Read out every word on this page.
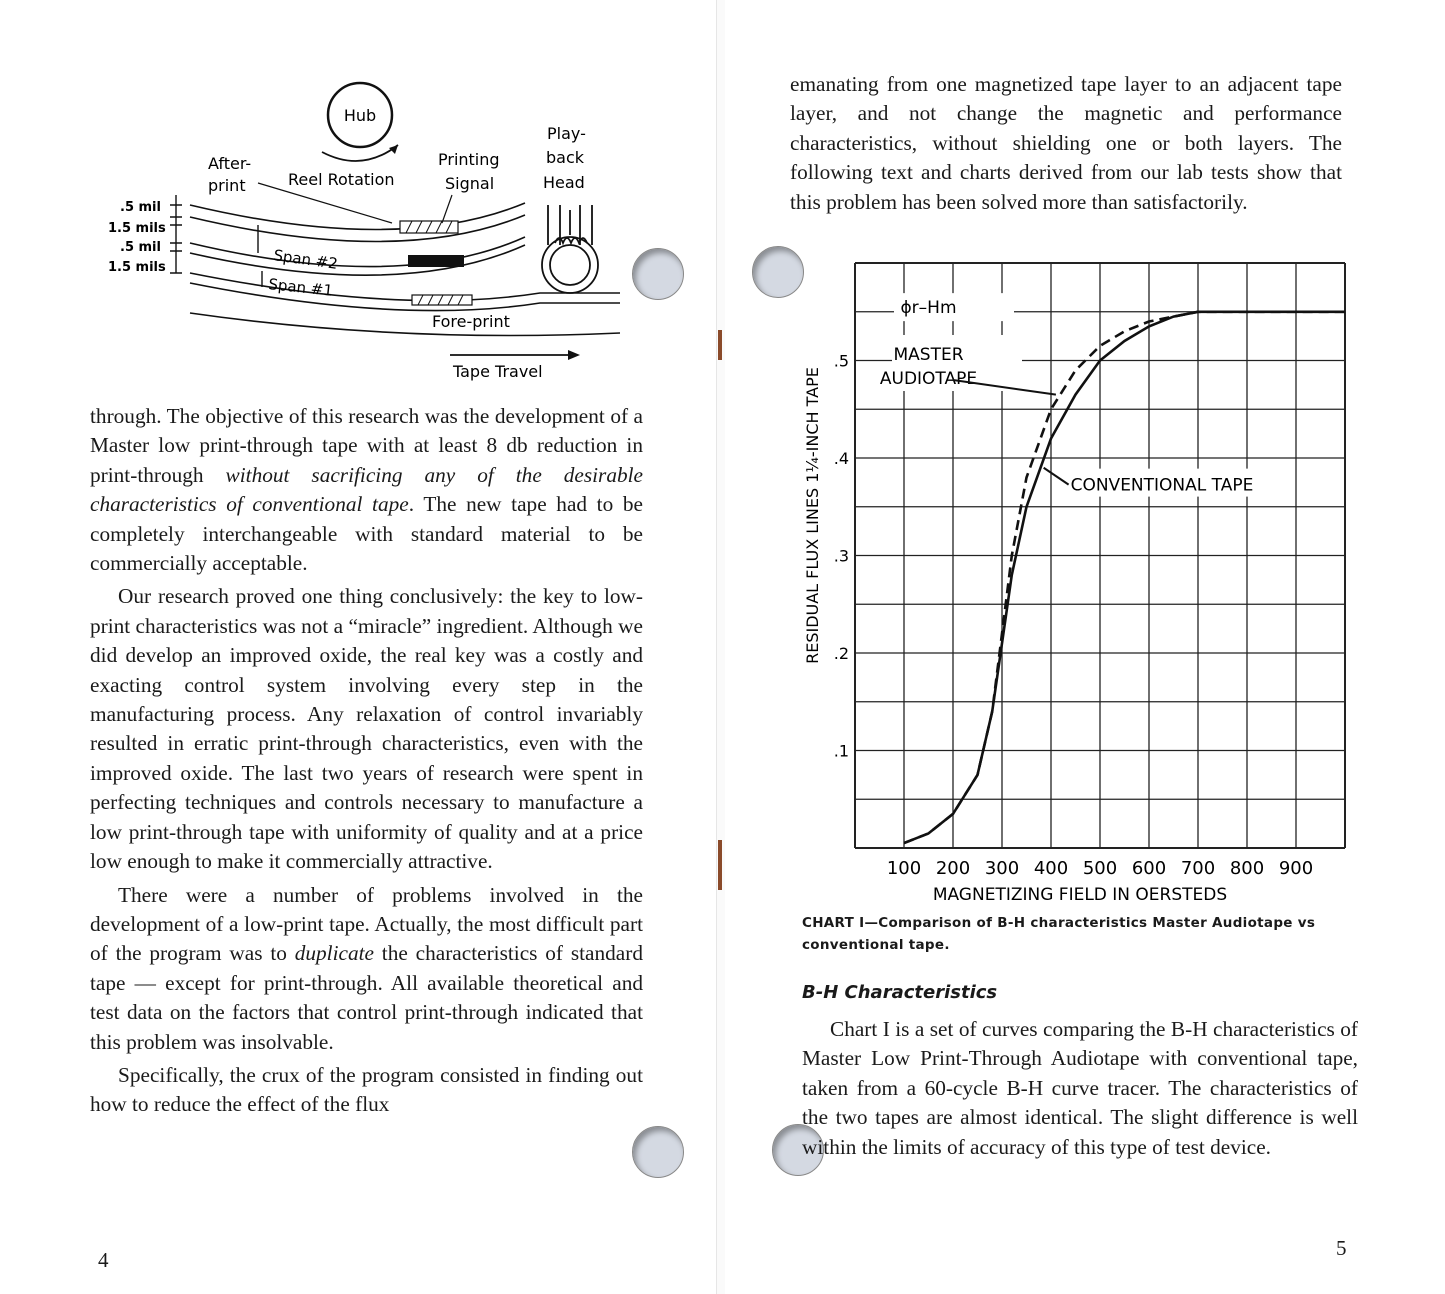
Hub
Reel Rotation
After-
print
Printing
Signal
Play-
back
Head
.5 mil
1.5 mils
.5 mil
1.5 mils	Span #2
Span #1
Fore-print
Tape Travel

through. The objective of this research was the development of a Master low print-through tape with at least 8 db reduction in print-through without sacrificing any of the desirable characteristics of conventional tape. The new tape had to be completely interchangeable with standard material to be commercially acceptable.

Our research proved one thing conclusively: the key to low-print characteristics was not a “miracle” ingredient. Although we did develop an improved oxide, the real key was a costly and exacting control system involving every step in the manufacturing process. Any relaxation of control invariably resulted in erratic print-through characteristics, even with the improved oxide. The last two years of research were spent in perfecting techniques and controls necessary to manufacture a low print-through tape with uniformity of quality and at a price low enough to make it commercially attractive.

There were a number of problems involved in the development of a low-print tape. Actually, the most difficult part of the program was to duplicate the characteristics of standard tape — except for print-through. All available theoretical and test data on the factors that control print-through indicated that this problem was insolvable.

Specifically, the crux of the program consisted in finding out how to reduce the effect of the flux

4

emanating from one magnetized tape layer to an adjacent tape layer, and not change the magnetic and performance characteristics, without shielding one or both layers. The following text and charts derived from our lab tests show that this problem has been solved more than satisfactorily.

100 200 300 400 500 600 700 800 900
.1
.2
.3
.4
.5
MAGNETIZING FIELD IN OERSTEDS
RESIDUAL FLUX LINES 1¼-INCH TAPE
ϕr–Hm
MASTER
AUDIOTAPE
CONVENTIONAL TAPE
CHART I—Comparison of B-H characteristics Master Audiotape vs conventional tape.
B-H Characteristics

Chart I is a set of curves comparing the B-H characteristics of Master Low Print-Through Audiotape with conventional tape, taken from a 60-cycle B-H curve tracer. The characteristics of the two tapes are almost identical. The slight difference is well within the limits of accuracy of this type of test device.

5
